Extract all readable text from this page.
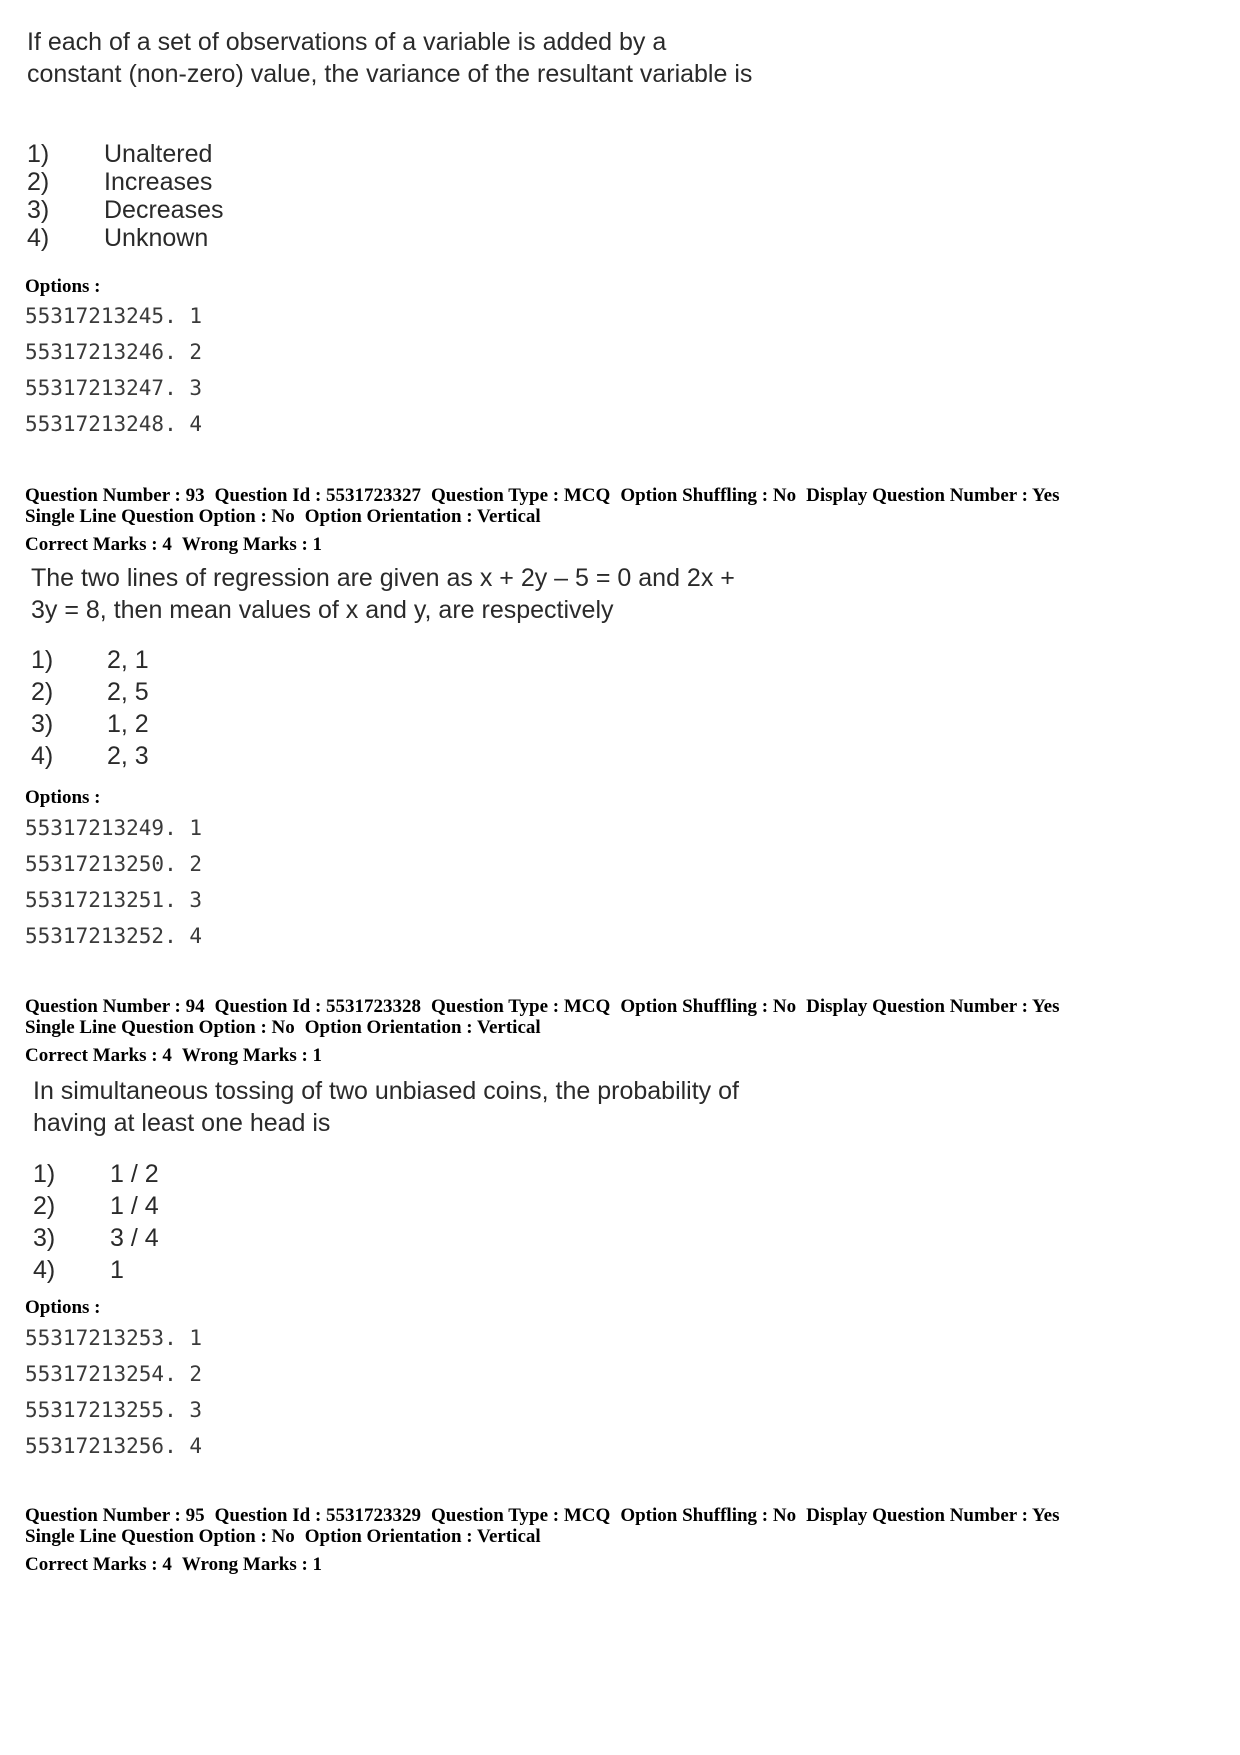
If each of a set of observations of a variable is added by a constant (non-zero) value, the variance of the resultant variable is
1) Unaltered
2) Increases
3) Decreases
4) Unknown
Options :
55317213245. 1
55317213246. 2
55317213247. 3
55317213248. 4
Question Number : 93 Question Id : 5531723327 Question Type : MCQ Option Shuffling : No Display Question Number : Yes
Single Line Question Option : No Option Orientation : Vertical
Correct Marks : 4 Wrong Marks : 1
The two lines of regression are given as x + 2y – 5 = 0 and 2x + 3y = 8, then mean values of x and y, are respectively
1) 2, 1
2) 2, 5
3) 1, 2
4) 2, 3
Options :
55317213249. 1
55317213250. 2
55317213251. 3
55317213252. 4
Question Number : 94 Question Id : 5531723328 Question Type : MCQ Option Shuffling : No Display Question Number : Yes
Single Line Question Option : No Option Orientation : Vertical
Correct Marks : 4 Wrong Marks : 1
In simultaneous tossing of two unbiased coins, the probability of having at least one head is
1) 1 / 2
2) 1 / 4
3) 3 / 4
4) 1
Options :
55317213253. 1
55317213254. 2
55317213255. 3
55317213256. 4
Question Number : 95 Question Id : 5531723329 Question Type : MCQ Option Shuffling : No Display Question Number : Yes
Single Line Question Option : No Option Orientation : Vertical
Correct Marks : 4 Wrong Marks : 1
